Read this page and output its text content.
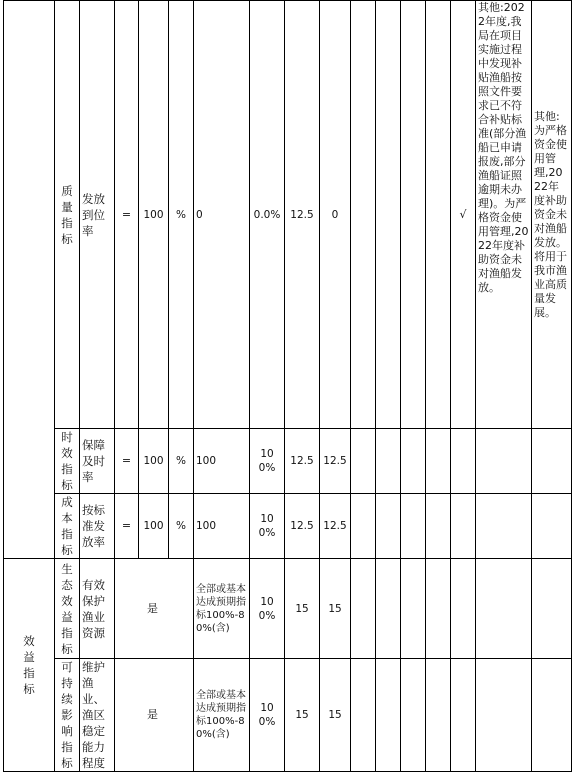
	质量指标	发放到位率	=	100	%	0	0.0%	12.5	0					√	其他:2022年度,我局在项目实施过程中发现补贴渔船按照文件要求已不符合补贴标准(部分渔船已申请报废,部分渔船证照逾期未办理)。为严格资金使用管理,2022年度补助资金未对渔船发放。	其他:为严格资金使用管理,2022年度补助资金未对渔船发放。将用于我市渔业高质量发展。

	时效指标	保障及时率	=	100	%	100	100%	12.5	12.5							

	成本指标	按标准发放率	=	100	%	100	100%	12.5	12.5							

效益指标	生态效益指标	有效保护渔业资源	是			全部或基本达成预期指标100%-80%(含)	100%	15	15							

	可持续影响指标	维护渔业、渔区稳定能力程度	是			全部或基本达成预期指标100%-80%(含)	100%	15	15							
